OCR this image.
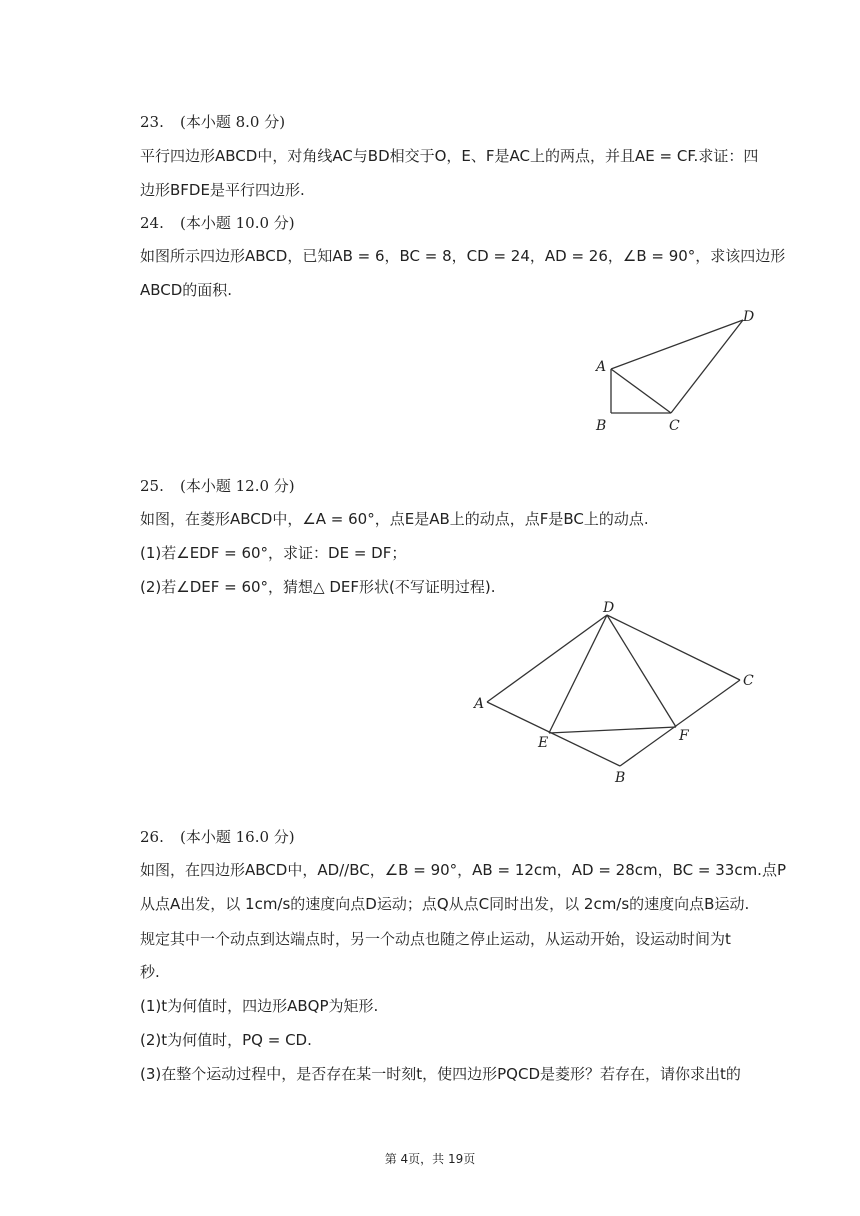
23. (本小题 8.0 分)
平行四边形ABCD中，对角线AC与BD相交于O，E、F是AC上的两点，并且AE = CF.求证：四
边形BFDE是平行四边形.
24. (本小题 10.0 分)
如图所示四边形ABCD，已知AB = 6，BC = 8，CD = 24，AD = 26，∠B = 90°，求该四边形
ABCD的面积.
A
B	C
D
25. (本小题 12.0 分)
如图，在菱形ABCD中，∠A = 60°，点E是AB上的动点，点F是BC上的动点.
(1)若∠EDF = 60°，求证：DE = DF；
(2)若∠DEF = 60°，猜想△ DEF形状(不写证明过程).
A
B
C
D
E	F
26. (本小题 16.0 分)
如图，在四边形ABCD中，AD//BC，∠B = 90°，AB = 12cm，AD = 28cm，BC = 33cm.点P
从点A出发，以 1cm/s的速度向点D运动；点Q从点C同时出发，以 2cm/s的速度向点B运动.
规定其中一个动点到达端点时，另一个动点也随之停止运动，从运动开始，设运动时间为t
秒.
(1)t为何值时，四边形ABQP为矩形.
(2)t为何值时，PQ = CD.
(3)在整个运动过程中，是否存在某一时刻t，使四边形PQCD是菱形？若存在，请你求出t的
第 4页，共 19页
